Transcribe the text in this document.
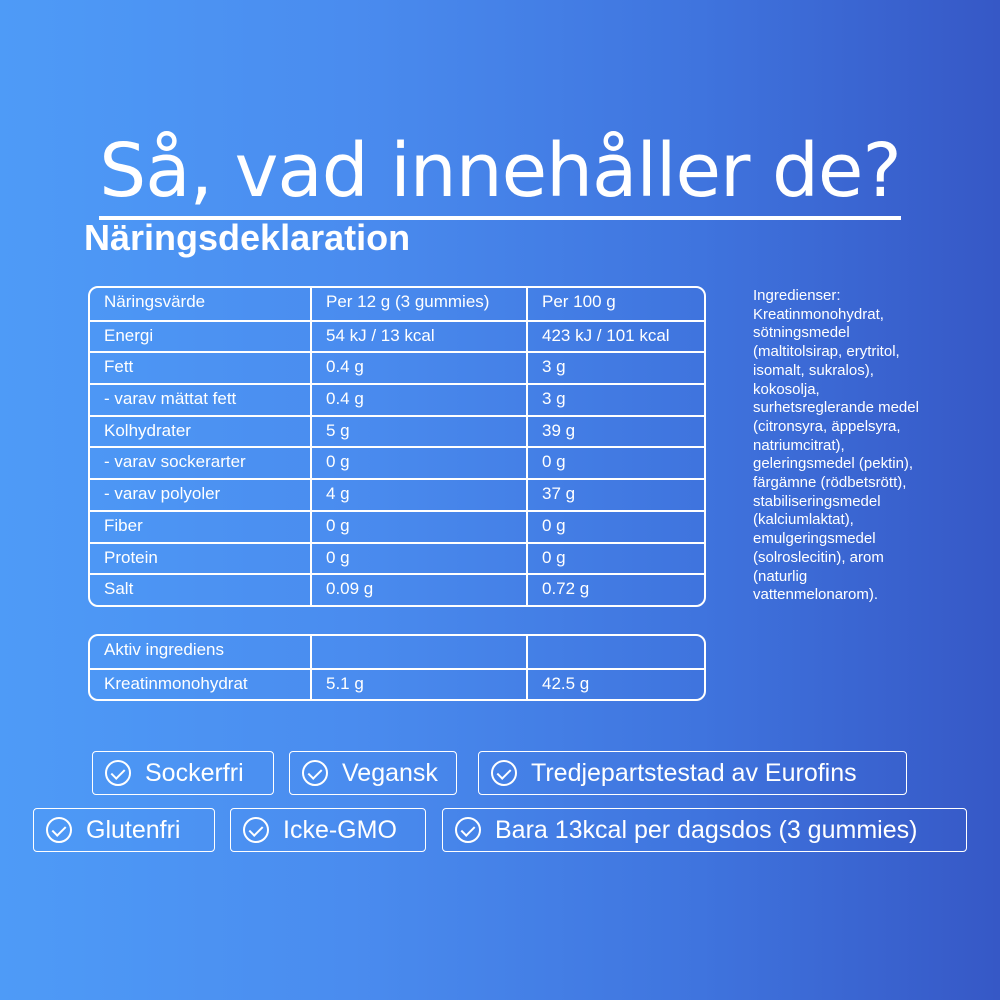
Så, vad innehåller de?
Näringsdeklaration
Näringsvärde	Per 12 g (3 gummies)	Per 100 g
Energi	54 kJ / 13 kcal	423 kJ / 101 kcal
Fett	0.4 g	3 g
- varav mättat fett	0.4 g	3 g
Kolhydrater	5 g	39 g
- varav sockerarter	0 g	0 g
- varav polyoler	4 g	37 g
Fiber	0 g	0 g
Protein	0 g	0 g
Salt	0.09 g	0.72 g
Aktiv ingrediens
Kreatinmonohydrat	5.1 g	42.5 g
Ingredienser: Kreatinmonohydrat, sötningsmedel (maltitolsirap, erytritol, isomalt, sukralos), kokosolja, surhetsreglerande medel (citronsyra, äppelsyra, natriumcitrat), geleringsmedel (pektin), färgämne (rödbetsrött), stabiliseringsmedel (kalciumlaktat), emulgeringsmedel (solroslecitin), arom (naturlig vattenmelonarom).
Sockerfri	Vegansk	Tredjepartstestad av Eurofins
Glutenfri	Icke-GMO	Bara 13kcal per dagsdos (3 gummies)
